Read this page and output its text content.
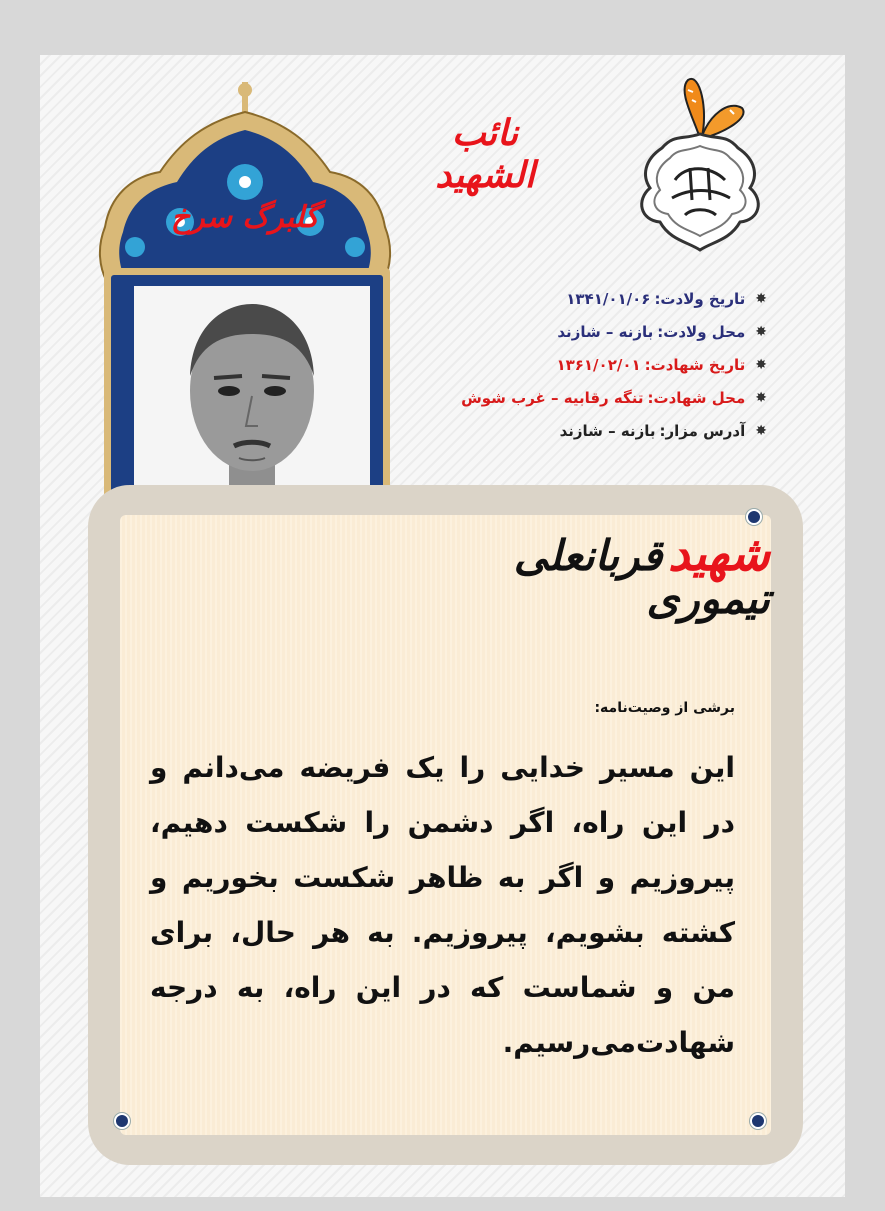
نائب الشهید
گلبرگ سرخ
✸
تاریخ ولادت:
۱۳۴۱/۰۱/۰۶
✸
محل ولادت:
بازنه – شازند
✸
تاریخ شهادت:
۱۳۶۱/۰۲/۰۱
✸
محل شهادت:
تنگه رقابیه – غرب شوش
✸
آدرس مزار:
بازنه – شازند
شهید قربانعلی تیموری
برشی از وصیت‌نامه:
این مسیر خدایی را یک فریضه می‌دانم و در این راه، اگر دشمن را شکست دهیم، پیروزیم و اگر به ظاهر شکست بخوریم و کشته بشویم، پیروزیم. به هر حال، برای من و شماست که در این راه، به درجه شهادت‌می‌رسیم.
